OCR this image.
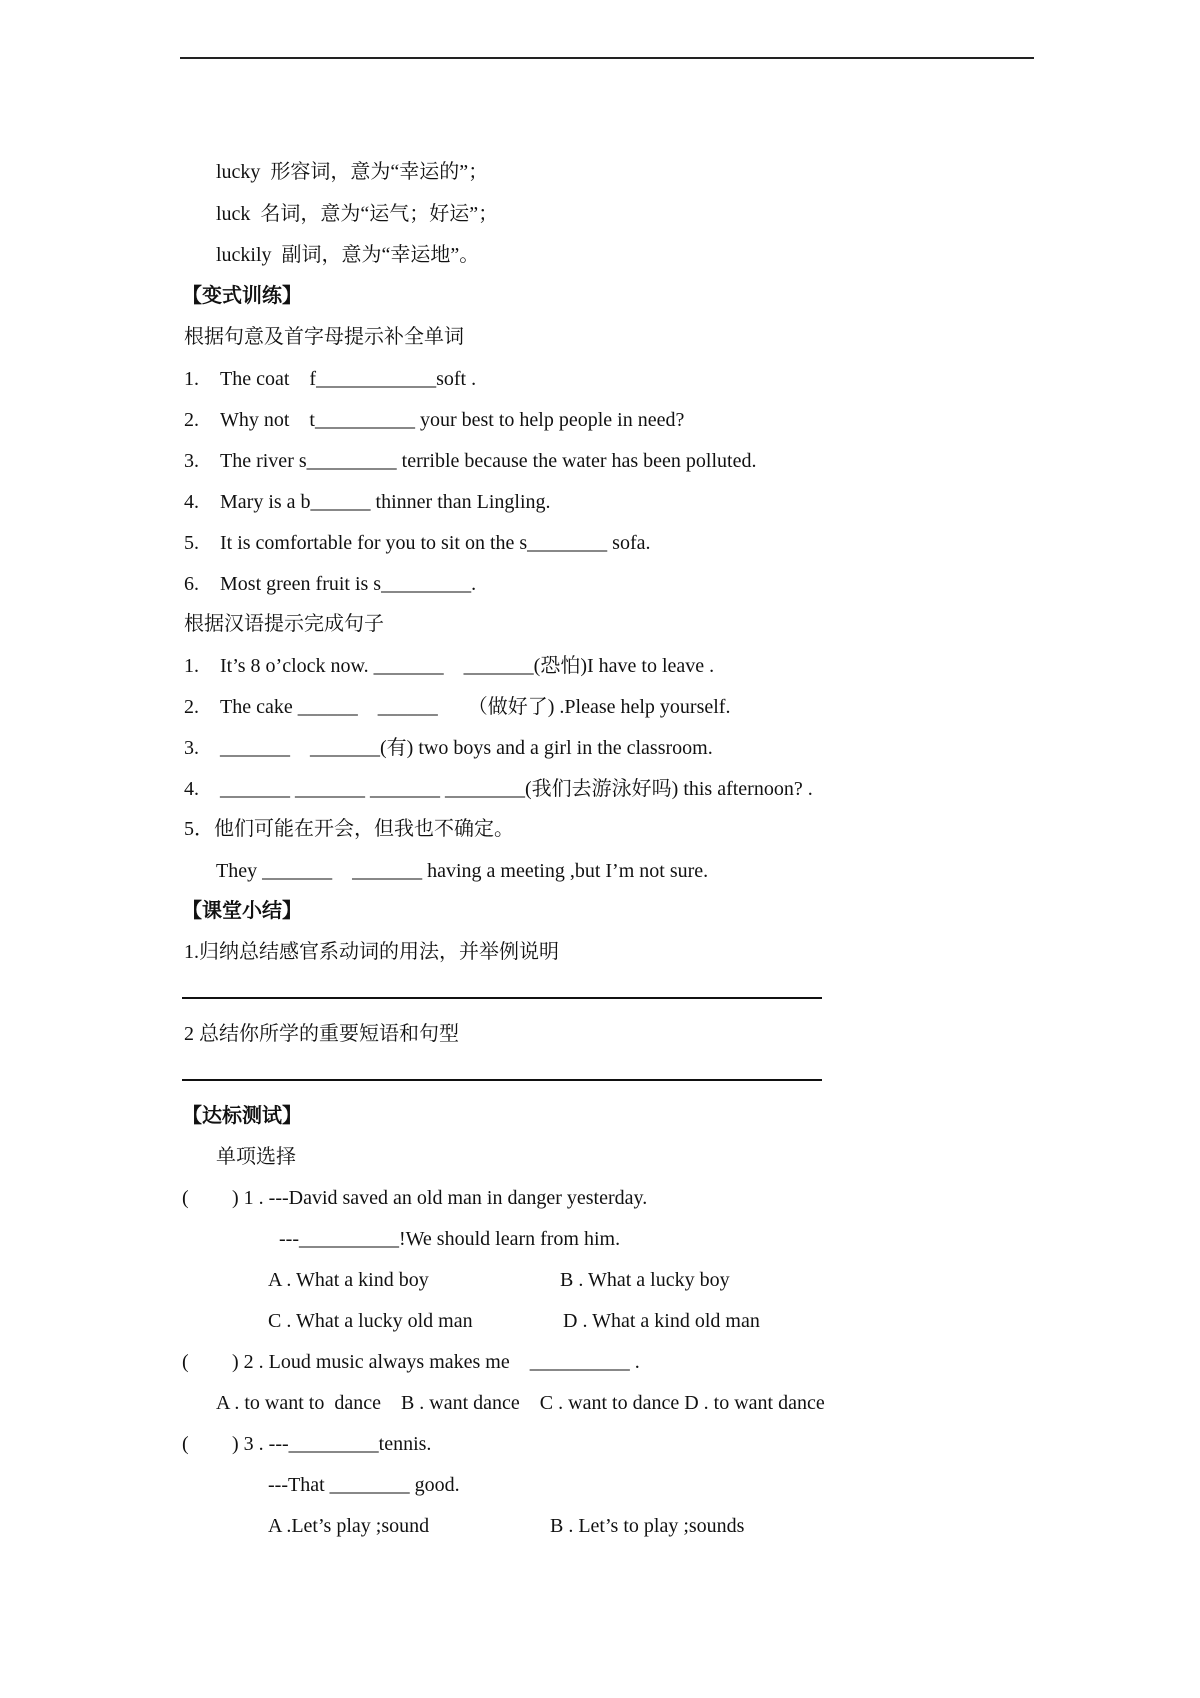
lucky  形容词，意为“幸运的”；
luck  名词，意为“运气；好运”；
luckily  副词，意为“幸运地”。
【变式训练】
根据句意及首字母提示补全单词
1. The coat    f____________soft .
2. Why not    t__________ your best to help people in need?
3. The river s_________ terrible because the water has been polluted.
4. Mary is a b______ thinner than Lingling.
5. It is comfortable for you to sit on the s________ sofa.
6. Most green fruit is s_________.
根据汉语提示完成句子
1. It’s 8 o’clock now. _______    _______(恐怕)I have to leave .
2. The cake ______    ______      （做好了) .Please help yourself.
3. _______    _______(有) two boys and a girl in the classroom.
4. _______ _______ _______ ________(我们去游泳好吗) this afternoon? .
5．他们可能在开会，但我也不确定。
They _______    _______ having a meeting ,but I’m not sure.
【课堂小结】
1.归纳总结感官系动词的用法，并举例说明
2 总结你所学的重要短语和句型
【达标测试】
单项选择
( ) 1 . ---David saved an old man in danger yesterday.
---__________!We should learn from him.
A . What a kind boy	B . What a lucky boy
C . What a lucky old man	D . What a kind old man
( ) 2 . Loud music always makes me    __________ .
A . to want to  dance    B . want dance    C . want to dance D . to want dance
( ) 3 . ---_________tennis.
---That ________ good.
A .Let’s play ;sound	B . Let’s to play ;sounds
